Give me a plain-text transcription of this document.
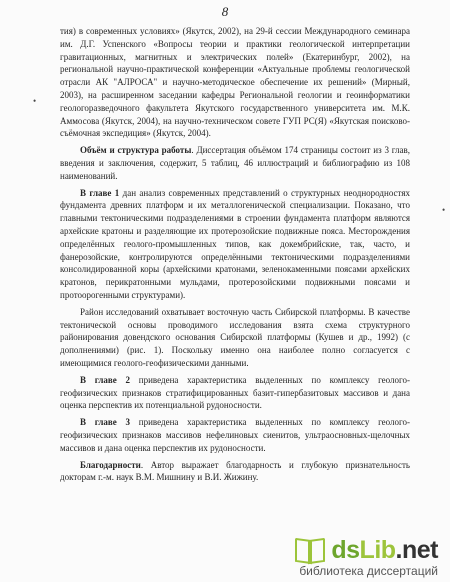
8
•
•

тия) в современных условиях» (Якутск, 2002), на 29-й сессии Международного семинара им. Д.Г. Успенского «Вопросы теории и практики геологической интерпретации гравитационных, магнитных и электрических полей» (Екатеринбург, 2002), на региональной научно-практической конференции «Актуальные проблемы геологической отрасли АК "АЛРОСА" и научно-методическое обеспечение их решений» (Мирный, 2003), на расширенном заседании кафедры Региональной геологии и геоинформатики геологоразведочного факультета Якутского государственного университета им. М.К. Аммосова (Якутск, 2004), на научно-техническом совете ГУП РС(Я) «Якутская поисково-съёмочная экспедиция» (Якутск, 2004).

Объём и структура работы. Диссертация объёмом 174 страницы состоит из 3 глав, введения и заключения, содержит, 5 таблиц, 46 иллюстраций и библиографию из 108 наименований.

В главе 1 дан анализ современных представлений о структурных неоднородностях фундамента древних платформ и их металлогенической специализации. Показано, что главными тектоническими подразделениями в строении фундамента платформ являются архейские кратоны и разделяющие их протерозойские подвижные пояса. Месторождения определённых геолого-промышленных типов, как докембрийские, так, часто, и фанерозойские, контролируются определёнными тектоническими подразделениями консолидированной коры (архейскими кратонами, зеленокаменными поясами архейских кратонов, перикратонными мульдами, протерозойскими подвижными поясами и протоорогенными структурами).

Район исследований охватывает восточную часть Сибирской платформы. В качестве тектонической основы проводимого исследования взята схема структурного районирования довендского основания Сибирской платформы (Кушев и др., 1992) (с дополнениями) (рис. 1). Поскольку именно она наиболее полно согласуется с имеющимися геолого-геофизическими данными.

В главе 2 приведена характеристика выделенных по комплексу геолого-геофизических признаков стратифицированных базит-гипербазитовых массивов и дана оценка перспектив их потенциальной рудоносности.

В главе 3 приведена характеристика выделенных по комплексу геолого-геофизических признаков массивов нефелиновых сиенитов, ультраосновных-щелочных массивов и дана оценка перспектив их рудоносности.

Благодарности. Автор выражает благодарность и глубокую признательность докторам г.-м. наук В.М. Мишнину и В.И. Жижину.

dsLib.net
библиотека диссертаций
